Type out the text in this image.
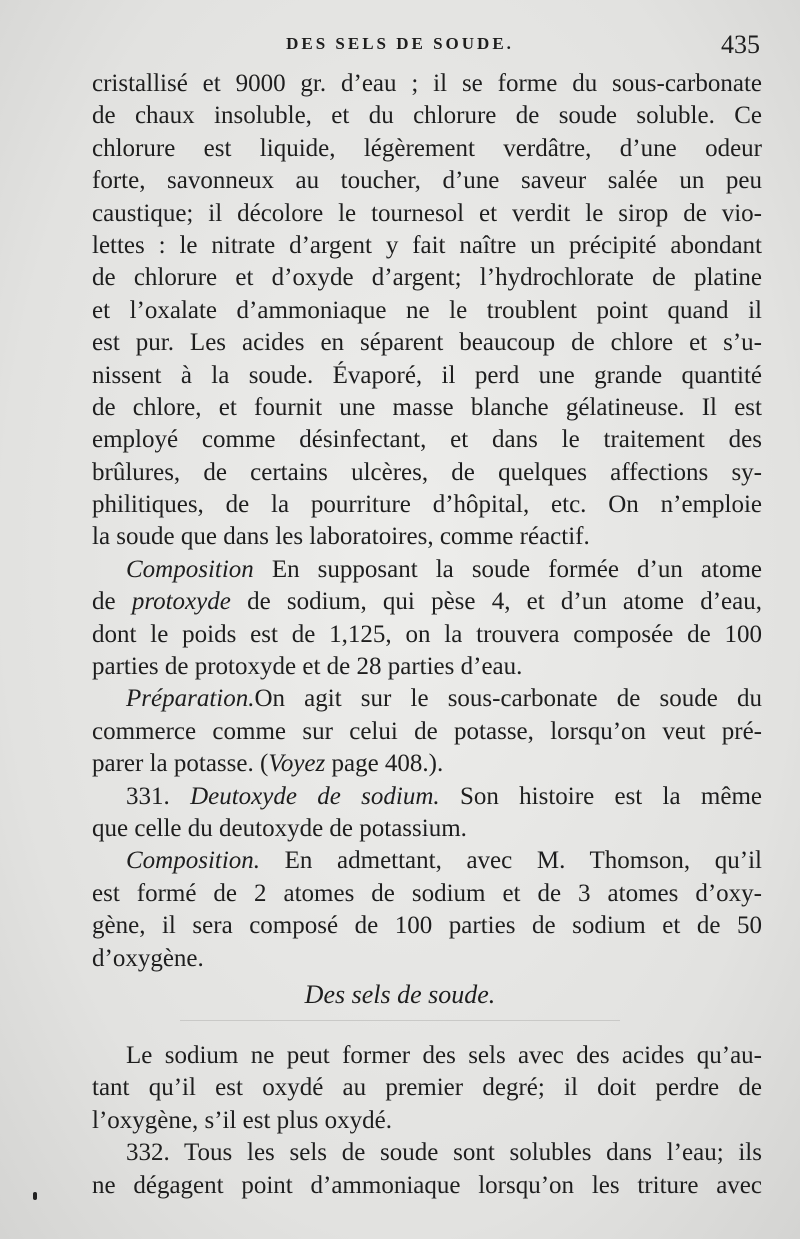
DES SELS DE SOUDE.	435
cristallisé et 9000 gr. d’eau ; il se forme du sous-carbonate
de chaux insoluble, et du chlorure de soude soluble. Ce
chlorure est liquide, légèrement verdâtre, d’une odeur
forte, savonneux au toucher, d’une saveur salée un peu
caustique; il décolore le tournesol et verdit le sirop de vio-
lettes : le nitrate d’argent y fait naître un précipité abondant
de chlorure et d’oxyde d’argent; l’hydrochlorate de platine
et l’oxalate d’ammoniaque ne le troublent point quand il
est pur. Les acides en séparent beaucoup de chlore et s’u-
nissent à la soude. Évaporé, il perd une grande quantité
de chlore, et fournit une masse blanche gélatineuse. Il est
employé comme désinfectant, et dans le traitement des
brûlures, de certains ulcères, de quelques affections sy-
philitiques, de la pourriture d’hôpital, etc. On n’emploie
la soude que dans les laboratoires, comme réactif.
Composition En supposant la soude formée d’un atome
de protoxyde de sodium, qui pèse 4, et d’un atome d’eau,
dont le poids est de 1,125, on la trouvera composée de 100
parties de protoxyde et de 28 parties d’eau.
Préparation.On agit sur le sous-carbonate de soude du
commerce comme sur celui de potasse, lorsqu’on veut pré-
parer la potasse. (Voyez page 408.).
331. Deutoxyde de sodium. Son histoire est la même
que celle du deutoxyde de potassium.
Composition. En admettant, avec M. Thomson, qu’il
est formé de 2 atomes de sodium et de 3 atomes d’oxy-
gène, il sera composé de 100 parties de sodium et de 50
d’oxygène.
Des sels de soude.
Le sodium ne peut former des sels avec des acides qu’au-
tant qu’il est oxydé au premier degré; il doit perdre de
l’oxygène, s’il est plus oxydé.
332. Tous les sels de soude sont solubles dans l’eau; ils
ne dégagent point d’ammoniaque lorsqu’on les triture avec
